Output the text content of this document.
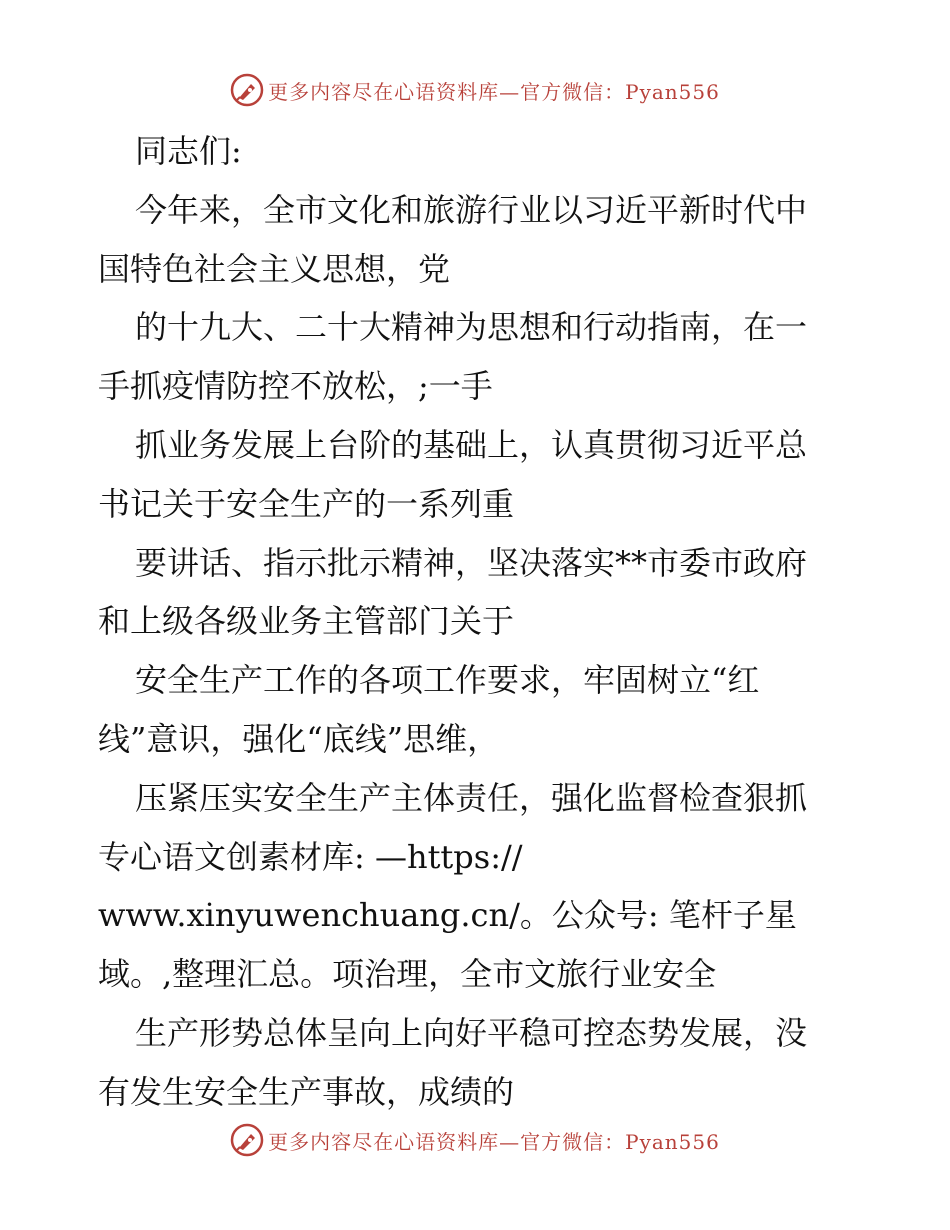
更多内容尽在心语资料库—官方微信：Pyan556
同志们:
今年来，全市文化和旅游行业以习近平新时代中
国特色社会主义思想，党
的十九大、二十大精神为思想和行动指南，在一
手抓疫情防控不放松，;一手
抓业务发展上台阶的基础上，认真贯彻习近平总
书记关于安全生产的一系列重
要讲话、指示批示精神，坚决落实**市委市政府
和上级各级业务主管部门关于
安全生产工作的各项工作要求，牢固树立“红
线”意识，强化“底线”思维，
压紧压实安全生产主体责任，强化监督检查狠抓
专心语文创素材库: —https://
www.xinyuwenchuang.cn/。公众号: 笔杆子星
域。,整理汇总。项治理，全市文旅行业安全
生产形势总体呈向上向好平稳可控态势发展，没
有发生安全生产事故，成绩的
更多内容尽在心语资料库—官方微信：Pyan556
